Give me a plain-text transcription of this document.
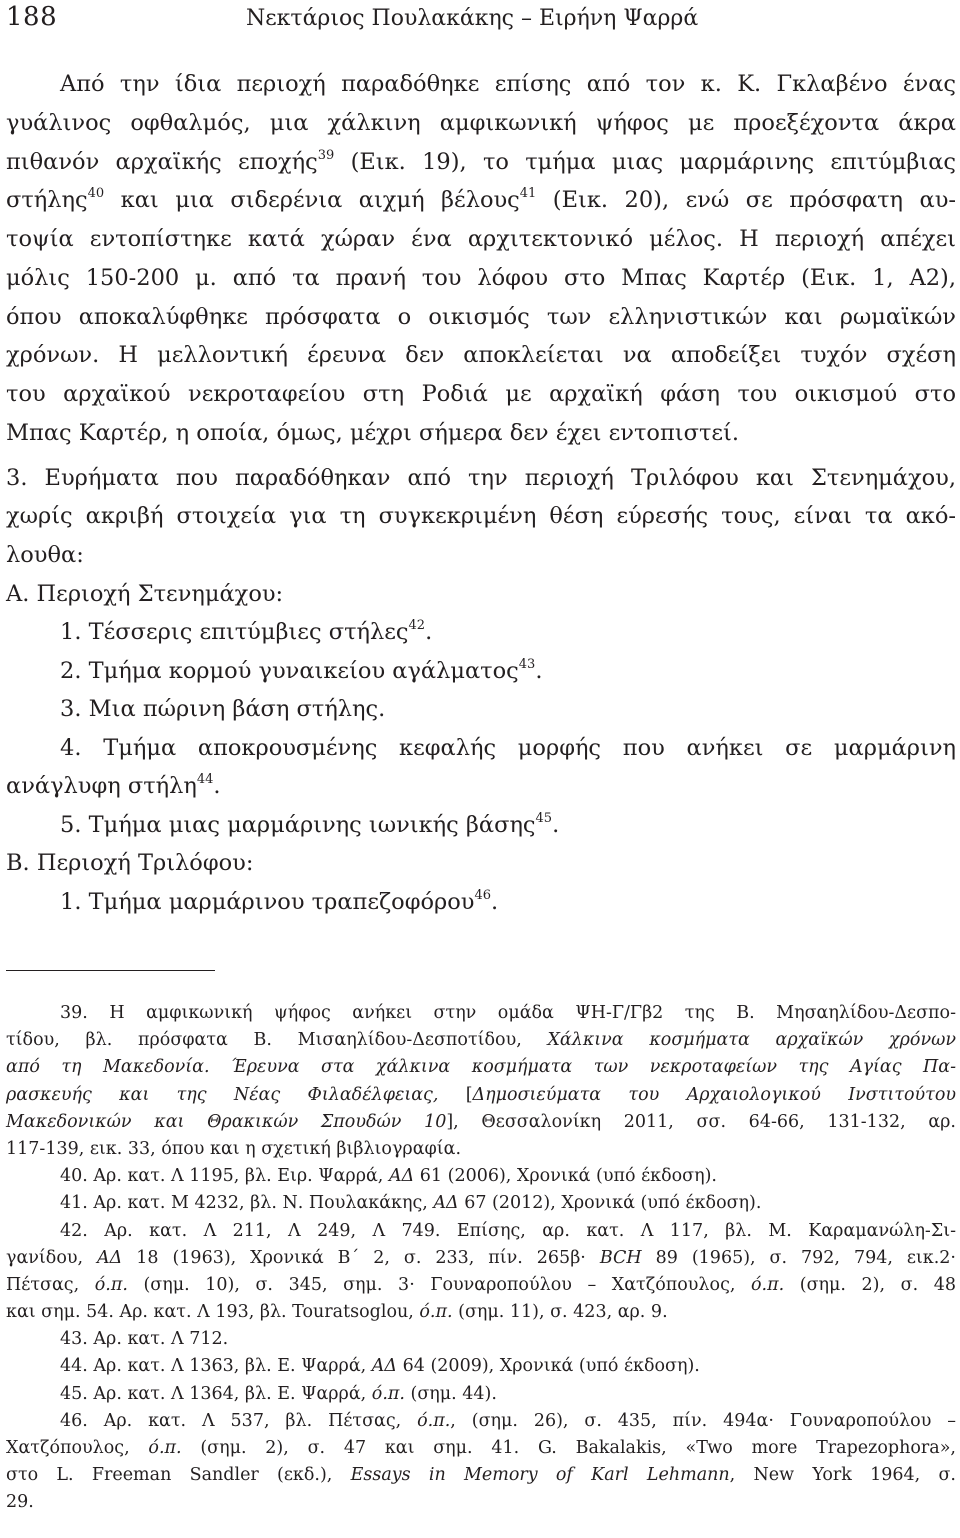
188	Νεκτάριος Πουλακάκης – Ειρήνη Ψαρρά
Από την ίδια περιοχή παραδόθηκε επίσης από τον κ. Κ. Γκλαβένο ένας
γυάλινος οφθαλμός, μια χάλκινη αμφικωνική ψήφος με προεξέχοντα άκρα
πιθανόν αρχαϊκής εποχής$^{39}$ (Εικ. 19), το τμήμα μιας μαρμάρινης επιτύμβιας
στήλης$^{40}$ και μια σιδερένια αιχμή βέλους$^{41}$ (Εικ. 20), ενώ σε πρόσφατη αυ-
τοψία εντοπίστηκε κατά χώραν ένα αρχιτεκτονικό μέλος. Η περιοχή απέχει
μόλις 150-200 μ. από τα πρανή του λόφου στο Μπας Καρτέρ (Εικ. 1, Α2),
όπου αποκαλύφθηκε πρόσφατα ο οικισμός των ελληνιστικών και ρωμαϊκών
χρόνων. Η μελλοντική έρευνα δεν αποκλείεται να αποδείξει τυχόν σχέση
του αρχαϊκού νεκροταφείου στη Ροδιά με αρχαϊκή φάση του οικισμού στο
Μπας Καρτέρ, η οποία, όμως, μέχρι σήμερα δεν έχει εντοπιστεί.
3. Ευρήματα που παραδόθηκαν από την περιοχή Τριλόφου και Στενημάχου,
χωρίς ακριβή στοιχεία για τη συγκεκριμένη θέση εύρεσής τους, είναι τα ακό-
λουθα:
Α. Περιοχή Στενημάχου:
1. Τέσσερις επιτύμβιες στήλες$^{42}$.
2. Τμήμα κορμού γυναικείου αγάλματος$^{43}$.
3. Μια πώρινη βάση στήλης.
4. Τμήμα αποκρουσμένης κεφαλής μορφής που ανήκει σε μαρμάρινη
ανάγλυφη στήλη$^{44}$.
5. Τμήμα μιας μαρμάρινης ιωνικής βάσης$^{45}$.
Β. Περιοχή Τριλόφου:
1. Τμήμα μαρμάρινου τραπεζοφόρου$^{46}$.
39. Η αμφικωνική ψήφος ανήκει στην ομάδα ΨΗ-Γ/Γβ2 της Β. Μησαηλίδου-Δεσπο-
τίδου, βλ. πρόσφατα Β. Μισαηλίδου-Δεσποτίδου, Χάλκινα κοσμήματα αρχαϊκών χρόνων
από τη Μακεδονία. Έρευνα στα χάλκινα κοσμήματα των νεκροταφείων της Αγίας Πα-
ρασκευής και της Νέας Φιλαδέλφειας, [Δημοσιεύματα του Αρχαιολογικού Ινστιτούτου
Μακεδονικών και Θρακικών Σπουδών 10], Θεσσαλονίκη 2011, σσ. 64-66, 131-132, αρ.
117-139, εικ. 33, όπου και η σχετική βιβλιογραφία.
40. Αρ. κατ. Λ 1195, βλ. Ειρ. Ψαρρά, ΑΔ 61 (2006), Χρονικά (υπό έκδοση).
41. Αρ. κατ. Μ 4232, βλ. Ν. Πουλακάκης, ΑΔ 67 (2012), Χρονικά (υπό έκδοση).
42. Αρ. κατ. Λ 211, Λ 249, Λ 749. Επίσης, αρ. κατ. Λ 117, βλ. Μ. Καραμανώλη-Σι-
γανίδου, ΑΔ 18 (1963), Χρονικά Β΄ 2, σ. 233, πίν. 265β· BCH 89 (1965), σ. 792, 794, εικ.2·
Πέτσας, ό.π. (σημ. 10), σ. 345, σημ. 3· Γουναροπούλου – Χατζόπουλος, ό.π. (σημ. 2), σ. 48
και σημ. 54. Αρ. κατ. Λ 193, βλ. Touratsoglou, ό.π. (σημ. 11), σ. 423, αρ. 9.
43. Αρ. κατ. Λ 712.
44. Αρ. κατ. Λ 1363, βλ. Ε. Ψαρρά, ΑΔ 64 (2009), Χρονικά (υπό έκδοση).
45. Αρ. κατ. Λ 1364, βλ. Ε. Ψαρρά, ό.π. (σημ. 44).
46. Αρ. κατ. Λ 537, βλ. Πέτσας, ό.π., (σημ. 26), σ. 435, πίν. 494α· Γουναροπούλου –
Χατζόπουλος, ό.π. (σημ. 2), σ. 47 και σημ. 41. G. Bakalakis, «Two more Trapezophora»,
στο L. Freeman Sandler (εκδ.), Essays in Memory of Karl Lehmann, New York 1964, σ.
29.
